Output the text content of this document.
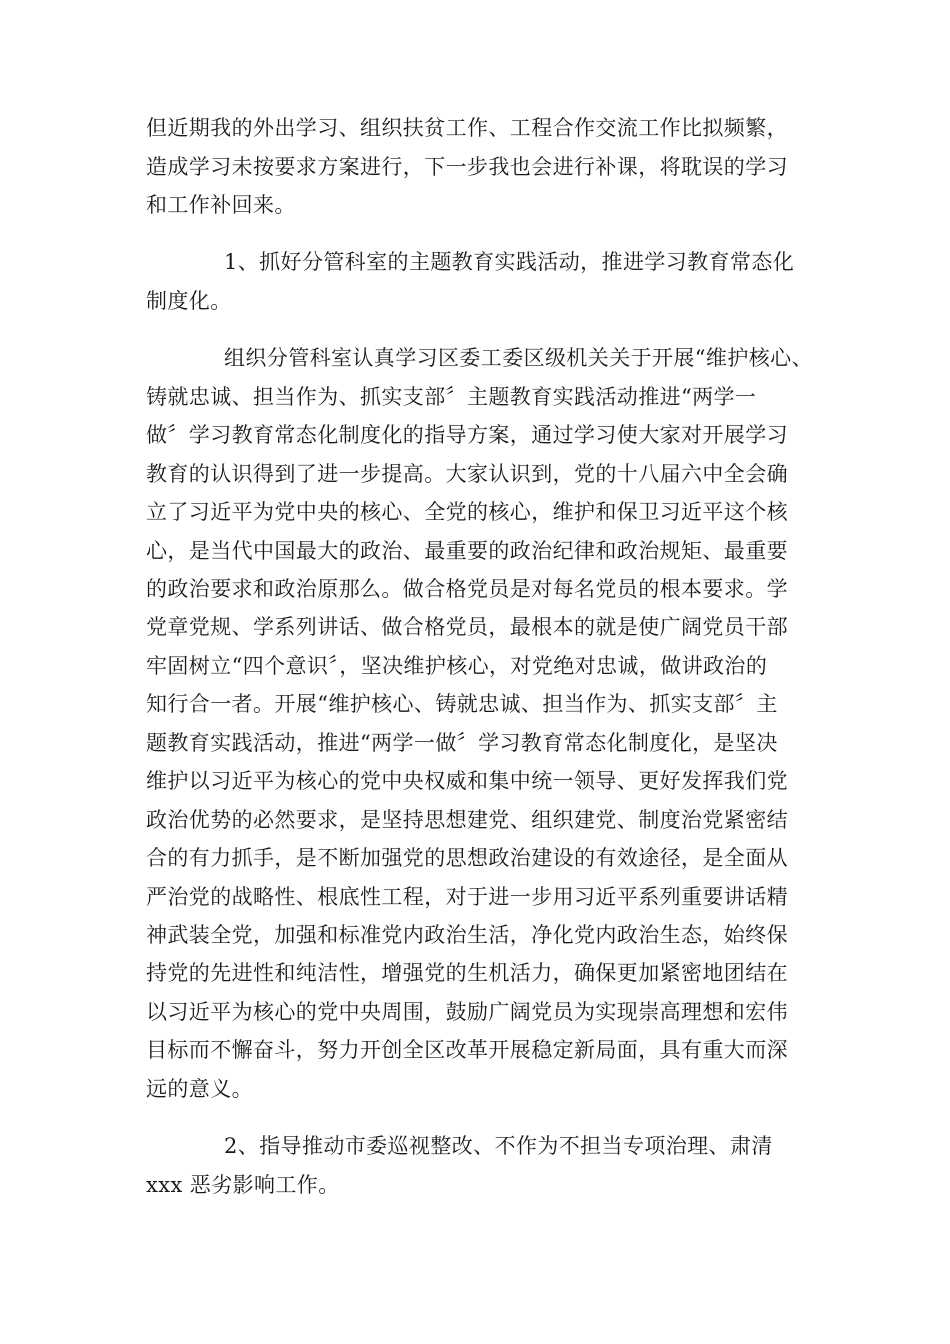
但近期我的外出学习、组织扶贫工作、工程合作交流工作比拟频繁，
造成学习未按要求方案进行，下一步我也会进行补课，将耽误的学习
和工作补回来。
1、抓好分管科室的主题教育实践活动，推进学习教育常态化
制度化。
组织分管科室认真学习区委工委区级机关关于开展“维护核心、
铸就忠诚、担当作为、抓实支部〞主题教育实践活动推进“两学一
做〞学习教育常态化制度化的指导方案，通过学习使大家对开展学习
教育的认识得到了进一步提高。大家认识到，党的十八届六中全会确
立了习近平为党中央的核心、全党的核心，维护和保卫习近平这个核
心，是当代中国最大的政治、最重要的政治纪律和政治规矩、最重要
的政治要求和政治原那么。做合格党员是对每名党员的根本要求。学
党章党规、学系列讲话、做合格党员，最根本的就是使广阔党员干部
牢固树立“四个意识〞，坚决维护核心，对党绝对忠诚，做讲政治的
知行合一者。开展“维护核心、铸就忠诚、担当作为、抓实支部〞主
题教育实践活动，推进“两学一做〞学习教育常态化制度化，是坚决
维护以习近平为核心的党中央权威和集中统一领导、更好发挥我们党
政治优势的必然要求，是坚持思想建党、组织建党、制度治党紧密结
合的有力抓手，是不断加强党的思想政治建设的有效途径，是全面从
严治党的战略性、根底性工程，对于进一步用习近平系列重要讲话精
神武装全党，加强和标准党内政治生活，净化党内政治生态，始终保
持党的先进性和纯洁性，增强党的生机活力，确保更加紧密地团结在
以习近平为核心的党中央周围，鼓励广阔党员为实现崇高理想和宏伟
目标而不懈奋斗，努力开创全区改革开展稳定新局面，具有重大而深
远的意义。
2、指导推动市委巡视整改、不作为不担当专项治理、肃清
xxx 恶劣影响工作。
